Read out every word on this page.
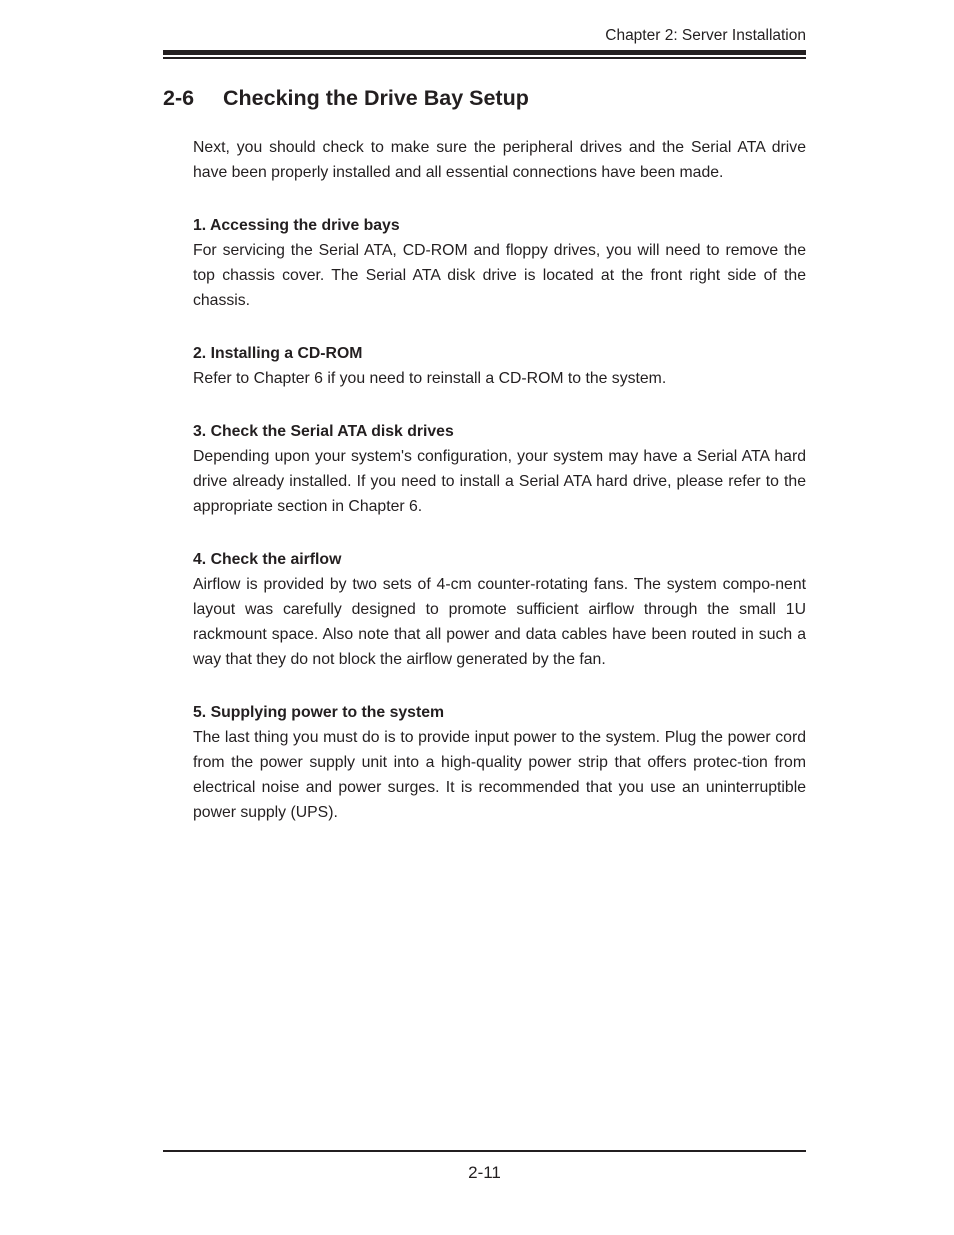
Chapter 2: Server Installation
2-6 Checking the Drive Bay Setup

Next, you should check to make sure the peripheral drives and the Serial ATA drive have been properly installed and all essential connections have been made.

1. Accessing the drive bays

For servicing the Serial ATA, CD-ROM and floppy drives, you will need to remove the top chassis cover. The Serial ATA disk drive is located at the front right side of the chassis.

2. Installing a CD-ROM

Refer to Chapter 6 if you need to reinstall a CD-ROM to the system.

3. Check the Serial ATA disk drives

Depending upon your system's configuration, your system may have a Serial ATA hard drive already installed. If you need to install a Serial ATA hard drive, please refer to the appropriate section in Chapter 6.

4. Check the airflow

Airflow is provided by two sets of 4-cm counter-rotating fans. The system compo-nent layout was carefully designed to promote sufficient airflow through the small 1U rackmount space. Also note that all power and data cables have been routed in such a way that they do not block the airflow generated by the fan.

5. Supplying power to the system

The last thing you must do is to provide input power to the system. Plug the power cord from the power supply unit into a high-quality power strip that offers protec-tion from electrical noise and power surges. It is recommended that you use an uninterruptible power supply (UPS).

2-11
